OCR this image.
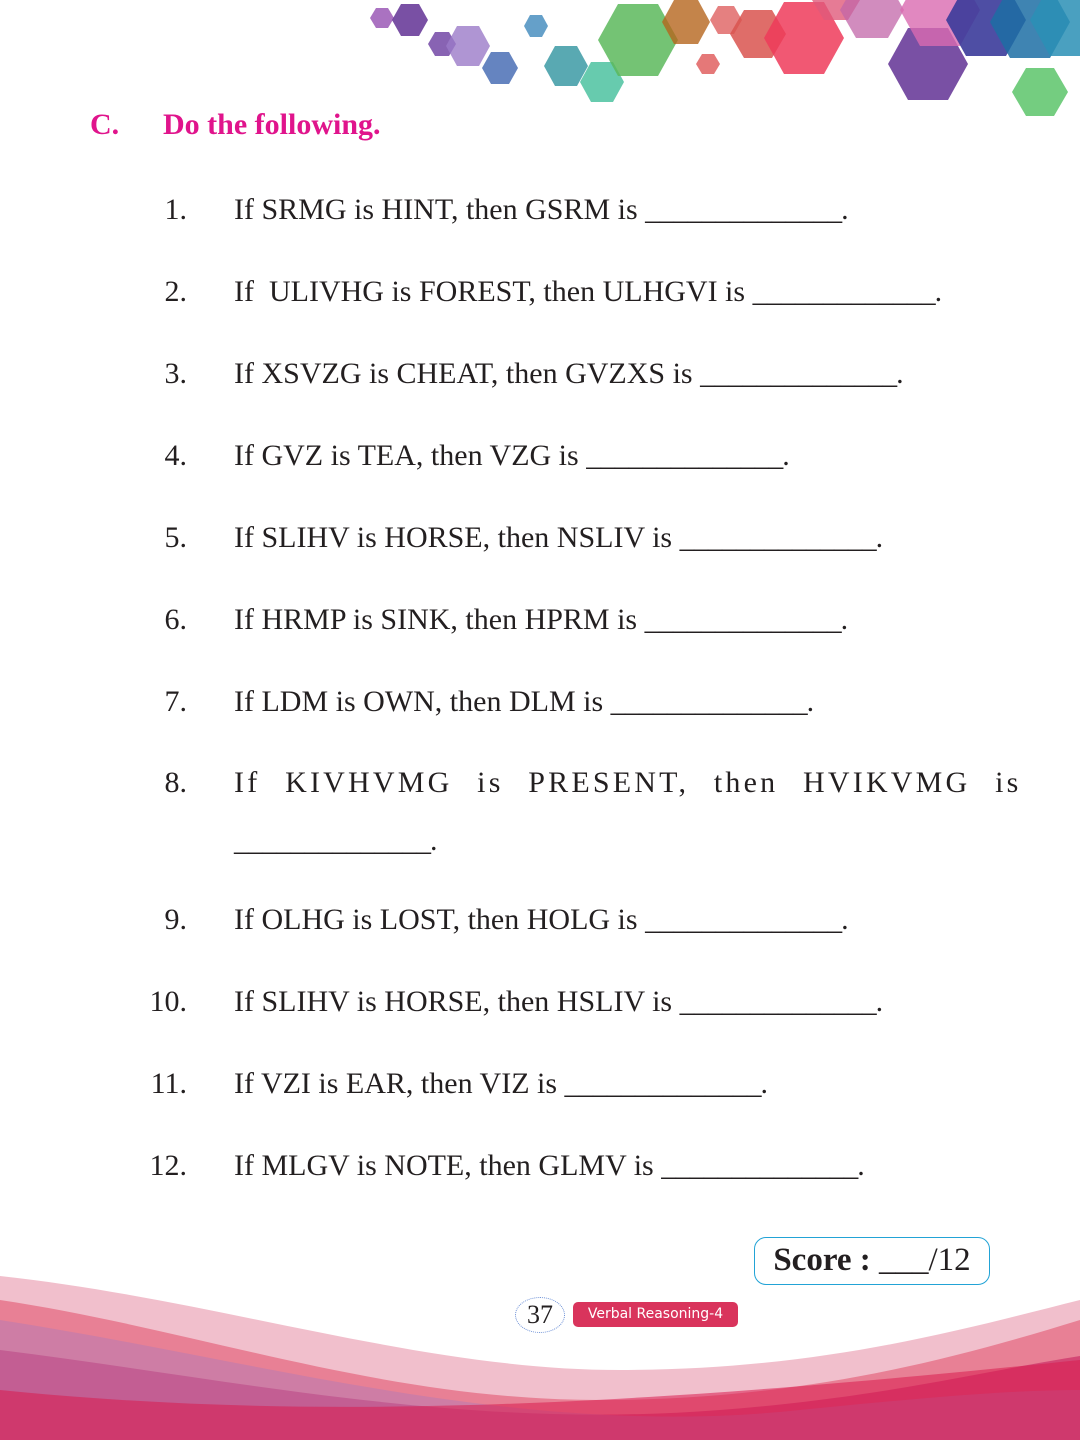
C. Do the following.
1. If SRMG is HINT, then GSRM is ______________.
2. If  ULIVHG is FOREST, then ULHGVI is _____________.
3. If XSVZG is CHEAT, then GVZXS is ______________.
4. If GVZ is TEA, then VZG is ______________.
5. If SLIHV is HORSE, then NSLIV is ______________.
6. If HRMP is SINK, then HPRM is ______________.
7. If LDM is OWN, then DLM is ______________.
8. If KIVHVMG is PRESENT, then HVIKVMG is
______________.
9. If OLHG is LOST, then HOLG is ______________.
10. If SLIHV is HORSE, then HSLIV is ______________.
11. If VZI is EAR, then VIZ is ______________.
12. If MLGV is NOTE, then GLMV is ______________.
Score : ___/12
37	Verbal Reasoning-4
